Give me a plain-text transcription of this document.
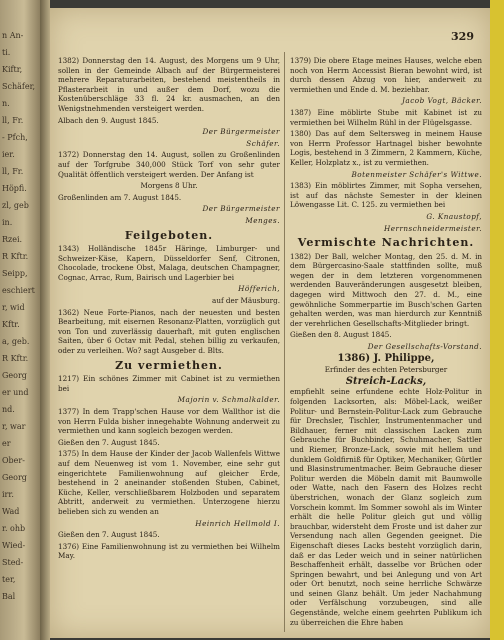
n An-
ti.
Kiftr,
Schäfer,
n.
ll, Fr.
- Pfch,
ier.
ll, Fr.
Höpfi.
zl, geb
in.
Rzei.
R Kftr.
Seipp,
eschiert
r, wid
Kftr.
a, geb.
R Kftr.
Georg
er und
nd.
r, war
er
Ober-
Georg
irr.
Wad
r. ohb
Wied-
Sted-
ter,
Bal
329

1382) Donnerstag den 14. August, des Morgens um 9 Uhr, sollen in der Gemeinde Albach auf der Bürgermeisterei mehrere Reparaturarbeiten, bestehend meistentheils in Pflasterarbeit in und außer dem Dorf, wozu die Kostenüberschläge 33 fl. 24 kr. ausmachen, an den Wenigstnehmenden versteigert werden.

Albach den 9. August 1845.

Der Bürgermeister

Schäfer.

1372) Donnerstag den 14. August, sollen zu Großenlinden auf der Torfgrube 340,000 Stück Torf von sehr guter Qualität öffentlich versteigert werden. Der Anfang ist

Morgens 8 Uhr.

Großenlinden am 7. August 1845.

Der Bürgermeister

Menges.

Feilgeboten.

1343) Holländische 1845r Häringe, Limburger- und Schweizer-Käse, Kapern, Düsseldorfer Senf, Citronen, Chocolade, trockene Obst, Malaga, deutschen Champagner, Cognac, Arrac, Rum, Bairisch und Lagerbier bei

Höfferich,

auf der Mäusburg.

1362) Neue Forte-Pianos, nach der neuesten und besten Bearbeitung, mit eisernen Resonanz-Platten, vorzüglich gut von Ton und zuverlässig dauerhaft, mit guten englischen Saiten, über 6 Octav mit Pedal, stehen billig zu verkaufen, oder zu verleihen. Wo? sagt Ausgeber d. Blts.

Zu vermiethen.

1217) Ein schönes Zimmer mit Cabinet ist zu vermiethen bei

Majorin v. Schmalkalder.

1377) In dem Trapp'schen Hause vor dem Wallthor ist die von Herrn Fulda bisher innegehabte Wohnung anderweit zu vermiethen und kann sogleich bezogen werden.

Gießen den 7. August 1845.

1375) In dem Hause der Kinder der Jacob Wallenfels Wittwe auf dem Neuenweg ist vom 1. November, eine sehr gut eingerichtete Familienwohnung auf gleicher Erde, bestehend in 2 aneinander stoßenden Stuben, Cabinet, Küche, Keller, verschließbarem Holzboden und separatem Abtritt, anderweit zu vermiethen. Unterzogene hierzu belieben sich zu wenden an

Heinrich Hellmold I.

Gießen den 7. August 1845.

1376) Eine Familienwohnung ist zu vermiethen bei Wilhelm May.

1379) Die obere Etage meines Hauses, welche eben noch von Herrn Accessist Bieran bewohnt wird, ist durch dessen Abzug von hier, anderweit zu vermiethen und Ende d. M. beziehbar.

Jacob Vogt, Bäcker.

1387) Eine möblirte Stube mit Kabinet ist zu vermiethen bei Wilhelm Rühl in der Flügelsgasse.

1380) Das auf dem Seltersweg in meinem Hause von Herrn Professor Hartnagel bisher bewohnte Logis, bestehend in 3 Zimmern, 2 Kammern, Küche, Keller, Holzplatz x., ist zu vermiethen.

Botenmeister Schäfer's Wittwe.

1383) Ein möblirtes Zimmer, mit Sopha versehen, ist auf das nächste Semester in der kleinen Löwengasse Lit. C. 125. zu vermiethen bei

G. Knaustopf,

Herrnschneidermeister.

Vermischte Nachrichten.

1382) Der Ball, welcher Montag, den 25. d. M. in dem Bürgercasino-Saale stattfinden sollte, muß wegen der in dem letzteren vorgenommenen werdenden Bauveränderungen ausgesetzt bleiben, dagegen wird Mittwoch den 27. d. M., eine gewöhnliche Sommerpartie im Busch'schen Garten gehalten werden, was man hierdurch zur Kenntniß der verehrlichen Gesellschafts-Mitglieder bringt.

Gießen den 8. August 1845.

Der Gesellschafts-Vorstand.

1386) J. Philippe,

Erfinder des echten Petersburger

Streich-Lacks,

empfiehlt seine erfundene echte Holz-Politur in folgenden Lacksorten, als: Möbel-Lack, weißer Politur- und Bernstein-Politur-Lack zum Gebrauche für Drechsler, Tischler, Instrumentenmacher und Bildhauer, ferner mit classischen Lacken zum Gebrauche für Buchbinder, Schuhmacher, Sattler und Riemer, Bronze-Lack, sowie mit hellem und dunklem Goldfirniß für Optiker, Mechaniker, Gürtler und Blasinstrumentmacher. Beim Gebrauche dieser Politur werden die Möbeln damit mit Baumwolle oder Watte, nach den Fasern des Holzes recht überstrichen, wonach der Glanz sogleich zum Vorschein kommt. Im Sommer sowohl als im Winter erhält die helle Politur gleich gut und völlig brauchbar, widersteht dem Froste und ist daher zur Versendung nach allen Gegenden geeignet. Die Eigenschaft dieses Lacks besteht vorzüglich darin, daß er das Leder weich und in seiner natürlichen Beschaffenheit erhält, dasselbe vor Brüchen oder Springen bewahrt, und bei Anlegung und von Art oder Ort benutzt, noch seine herrliche Schwärze und seinen Glanz behält. Um jeder Nachahmung oder Verfälschung vorzubeugen, sind alle Gegenstände, welche einem geehrten Publikum ich zu überreichen die Ehre haben
